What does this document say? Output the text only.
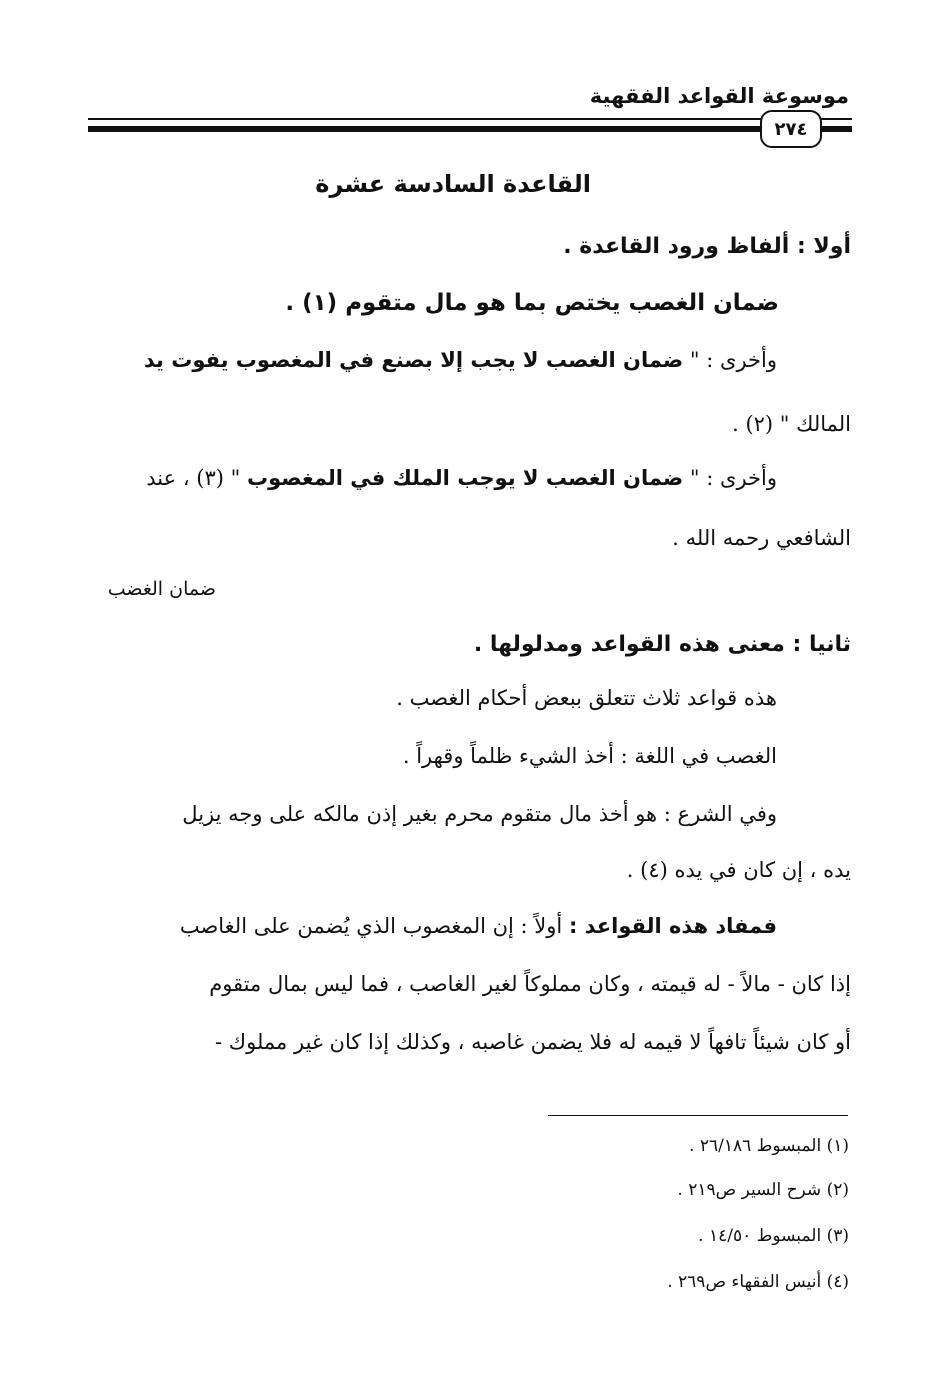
موسوعة القواعد الفقهية
٢٧٤
القاعدة السادسة عشرة
أولا : ألفاظ ورود القاعدة .
ضمان الغصب يختص بما هو مال متقوم (١) .
وأخرى : " ضمان الغصب لا يجب إلا بصنع في المغصوب يفوت يد
المالك " (٢) .
وأخرى : " ضمان الغصب لا يوجب الملك في المغصوب " (٣) ، عند
الشافعي رحمه الله .
ضمان الغضب
ثانيا : معنى هذه القواعد ومدلولها .
هذه قواعد ثلاث تتعلق ببعض أحكام الغصب .
الغصب في اللغة : أخذ الشيء ظلماً وقهراً .
وفي الشرع : هو أخذ مال متقوم محرم بغير إذن مالكه على وجه يزيل
يده ، إن كان في يده (٤) .
فمفاد هذه القواعد : أولاً : إن المغصوب الذي يُضمن على الغاصب
إذا كان - مالاً - له قيمته ، وكان مملوكاً لغير الغاصب ، فما ليس بمال متقوم
أو كان شيئاً تافهاً لا قيمه له فلا يضمن غاصبه ، وكذلك إذا كان غير مملوك -
(١) المبسوط ٢٦/١٨٦ .
(٢) شرح السير ص٢١٩ .
(٣) المبسوط ١٤/٥٠ .
(٤) أنيس الفقهاء ص٢٦٩ .
